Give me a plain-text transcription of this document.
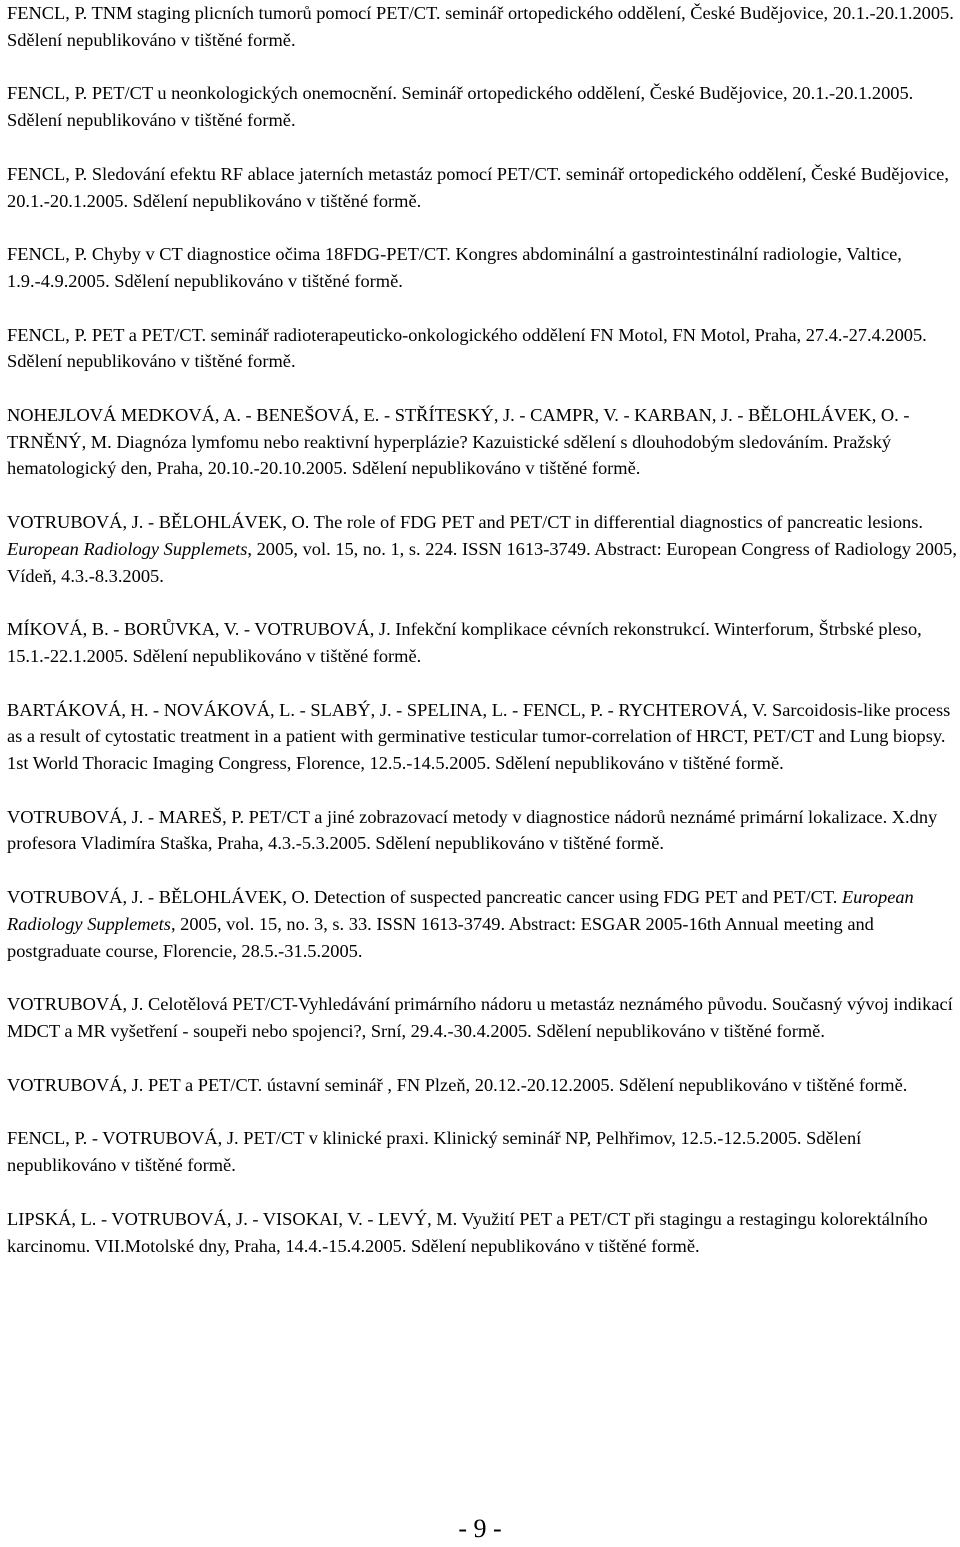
FENCL, P. TNM staging plicních tumorů pomocí PET/CT. seminář ortopedického oddělení, České Budějovice, 20.1.-20.1.2005. Sdělení nepublikováno v tištěné formě.

FENCL, P. PET/CT u neonkologických onemocnění. Seminář ortopedického oddělení, České Budějovice, 20.1.-20.1.2005. Sdělení nepublikováno v tištěné formě.

FENCL, P. Sledování efektu RF ablace jaterních metastáz pomocí PET/CT. seminář ortopedického oddělení, České Budějovice, 20.1.-20.1.2005. Sdělení nepublikováno v tištěné formě.

FENCL, P. Chyby v CT diagnostice očima 18FDG-PET/CT. Kongres abdominální a gastrointestinální radiologie, Valtice, 1.9.-4.9.2005. Sdělení nepublikováno v tištěné formě.

FENCL, P. PET a PET/CT. seminář radioterapeuticko-onkologického oddělení FN Motol, FN Motol, Praha, 27.4.-27.4.2005. Sdělení nepublikováno v tištěné formě.

NOHEJLOVÁ MEDKOVÁ, A. - BENEŠOVÁ, E. - STŘÍTESKÝ, J. - CAMPR, V. - KARBAN, J. - BĚLOHLÁVEK, O. - TRNĚNÝ, M. Diagnóza lymfomu nebo reaktivní hyperplázie? Kazuistické sdělení s dlouhodobým sledováním. Pražský hematologický den, Praha, 20.10.-20.10.2005. Sdělení nepublikováno v tištěné formě.

VOTRUBOVÁ, J. - BĚLOHLÁVEK, O. The role of FDG PET and PET/CT in differential diagnostics of pancreatic lesions. European Radiology Supplemets, 2005, vol. 15, no. 1, s. 224. ISSN 1613-3749. Abstract: European Congress of Radiology 2005, Vídeň, 4.3.-8.3.2005.

MÍKOVÁ, B. - BORŮVKA, V. - VOTRUBOVÁ, J. Infekční komplikace cévních rekonstrukcí. Winterforum, Štrbské pleso, 15.1.-22.1.2005. Sdělení nepublikováno v tištěné formě.

BARTÁKOVÁ, H. - NOVÁKOVÁ, L. - SLABÝ, J. - SPELINA, L. - FENCL, P. - RYCHTEROVÁ, V. Sarcoidosis-like process as a result of cytostatic treatment in a patient with germinative testicular tumor-correlation of HRCT, PET/CT and Lung biopsy. 1st World Thoracic Imaging Congress, Florence, 12.5.-14.5.2005. Sdělení nepublikováno v tištěné formě.

VOTRUBOVÁ, J. - MAREŠ, P. PET/CT a jiné zobrazovací metody v diagnostice nádorů neznámé primární lokalizace. X.dny profesora Vladimíra Staška, Praha, 4.3.-5.3.2005. Sdělení nepublikováno v tištěné formě.

VOTRUBOVÁ, J. - BĚLOHLÁVEK, O. Detection of suspected pancreatic cancer using FDG PET and PET/CT. European Radiology Supplemets, 2005, vol. 15, no. 3, s. 33. ISSN 1613-3749. Abstract: ESGAR 2005-16th Annual meeting and postgraduate course, Florencie, 28.5.-31.5.2005.

VOTRUBOVÁ, J. Celotělová PET/CT-Vyhledávání primárního nádoru u metastáz neznámého původu. Současný vývoj indikací MDCT a MR vyšetření - soupeři nebo spojenci?, Srní, 29.4.-30.4.2005. Sdělení nepublikováno v tištěné formě.

VOTRUBOVÁ, J. PET a PET/CT. ústavní seminář , FN Plzeň, 20.12.-20.12.2005. Sdělení nepublikováno v tištěné formě.

FENCL, P. - VOTRUBOVÁ, J. PET/CT v klinické praxi. Klinický seminář NP, Pelhřimov, 12.5.-12.5.2005. Sdělení nepublikováno v tištěné formě.

LIPSKÁ, L. - VOTRUBOVÁ, J. - VISOKAI, V. - LEVÝ, M. Využití PET a PET/CT při stagingu a restagingu kolorektálního karcinomu. VII.Motolské dny, Praha, 14.4.-15.4.2005. Sdělení nepublikováno v tištěné formě.

- 9 -
